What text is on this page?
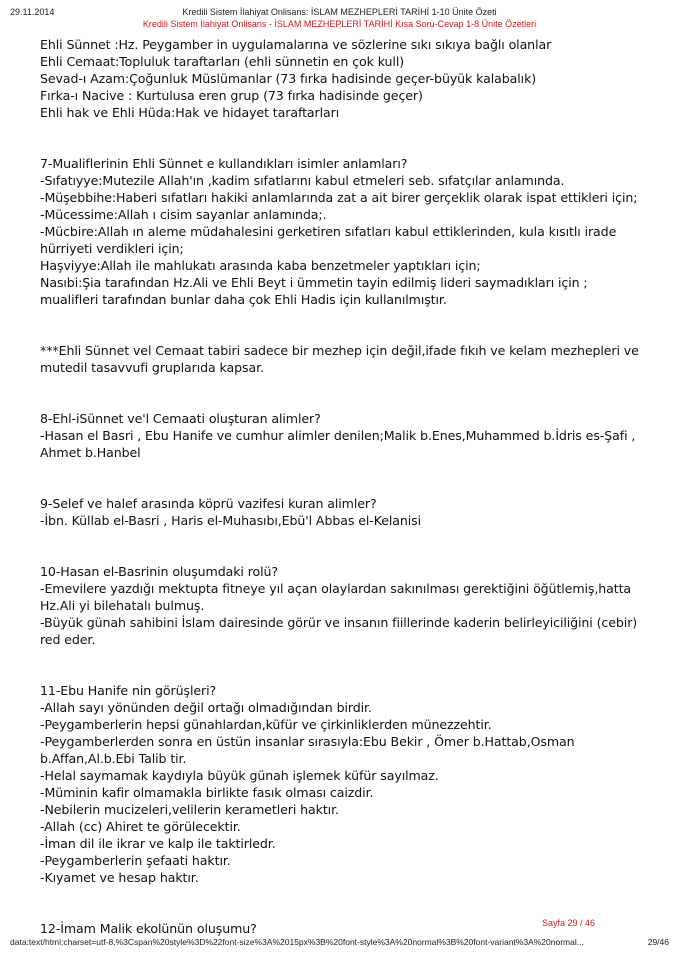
29.11.2014	Kredili Sistem İlahiyat Onlisans: İSLAM MEZHEPLERİ TARİHİ 1-10 Ünite Özeti
Kredili Sistem İlahiyat Onlisans - İSLAM MEZHEPLERİ TARİHİ Kısa Soru-Cevap 1-8 Ünite Özetleri

Ehli Sünnet :Hz. Peygamber in uygulamalarına ve sözlerine sıkı sıkıya bağlı olanlar

Ehli Cemaat:Topluluk taraftarları (ehli sünnetin en çok kull)

Sevad-ı Azam:Çoğunluk Müslümanlar (73 fırka hadisinde geçer-büyük kalabalık)

Fırka-ı Nacive : Kurtulusa eren grup (73 fırka hadisinde geçer)

Ehli hak ve Ehli Hüda:Hak ve hidayet taraftarları

7-Mualiflerinin Ehli Sünnet e kullandıkları isimler anlamları?

-Sıfatıyye:Mutezile Allah'ın ,kadim sıfatlarını kabul etmeleri seb. sıfatçılar anlamında.

-Müşebbihe:Haberi sıfatları hakiki anlamlarında zat a ait birer gerçeklik olarak ispat ettikleri için;

-Mücessime:Allah ı cisim sayanlar anlamında;.

-Mücbire:Allah ın aleme müdahalesini gerketiren sıfatları kabul ettiklerinden, kula kısıtlı irade hürriyeti verdikleri için;

Haşviyye:Allah ile mahlukatı arasında kaba benzetmeler yaptıkları için;

Nasıbi:Şia tarafından Hz.Ali ve Ehli Beyt i ümmetin tayin edilmiş lideri saymadıkları için ; mualifleri tarafından bunlar daha çok Ehli Hadis için kullanılmıştır.

***Ehli Sünnet vel Cemaat tabiri sadece bir mezhep için değil,ifade fıkıh ve kelam mezhepleri ve mutedil tasavvufi gruplarıda kapsar.

8-Ehl-iSünnet ve'l Cemaati oluşturan alimler?

-Hasan el Basri , Ebu Hanife ve cumhur alimler denilen;Malik b.Enes,Muhammed b.İdris es-Şafi , Ahmet b.Hanbel

9-Selef ve halef arasında köprü vazifesi kuran alimler?

-İbn. Küllab el-Basri , Haris el-Muhasıbı,Ebü'l Abbas el-Kelanisi

10-Hasan el-Basrinin oluşumdaki rolü?

-Emevilere yazdığı mektupta fitneye yıl açan olaylardan sakınılması gerektiğini öğütlemiş,hatta Hz.Ali yi bilehatalı bulmuş.

-Büyük günah sahibini İslam dairesinde görür ve insanın fiillerinde kaderin belirleyiciliğini (cebir) red eder.

11-Ebu Hanife nin görüşleri?

-Allah sayı yönünden değil ortağı olmadığından birdir.

-Peygamberlerin hepsi günahlardan,küfür ve çirkinliklerden münezzehtir.

-Peygamberlerden sonra en üstün insanlar sırasıyla:Ebu Bekir , Ömer b.Hattab,Osman b.Affan,Al.b.Ebi Talib tir.

-Helal saymamak kaydıyla büyük günah işlemek küfür sayılmaz.

-Müminin kafir olmamakla birlikte fasık olması caizdir.

-Nebilerin mucizeleri,velilerin kerametleri haktır.

-Allah (cc) Ahiret te görülecektir.

-İman dil ile ikrar ve kalp ile taktirledr.

-Peygamberlerin şefaati haktır.

-Kıyamet ve hesap haktır.

12-İmam Malik ekolünün oluşumu?	Sayfa 29 / 46
data:text/html;charset=utf-8,%3Cspan%20style%3D%22font-size%3A%2015px%3B%20font-style%3A%20normal%3B%20font-variant%3A%20normal...	29/46
